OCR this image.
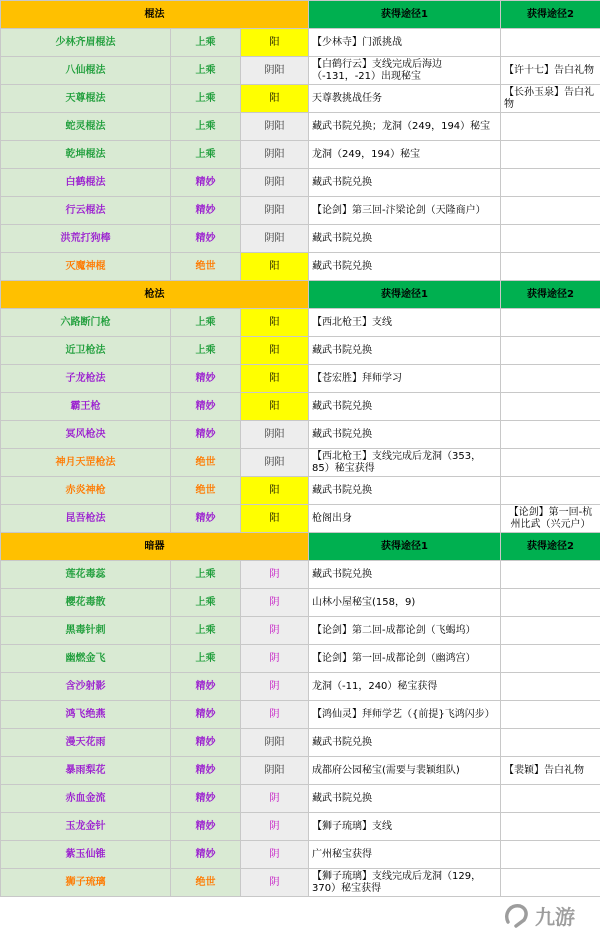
棍法			获得途径1	获得途径2
少林齐眉棍法	上乘	阳	【少林寺】门派挑战	
八仙棍法	上乘	阴阳	【白鹤行云】支线完成后海边（-131，-21）出现秘宝	【许十七】告白礼物
天尊棍法	上乘	阳	天尊教挑战任务	【长孙玉泉】告白礼物
蛇灵棍法	上乘	阴阳	藏武书院兑换；龙洞（249，194）秘宝	
乾坤棍法	上乘	阴阳	龙洞（249，194）秘宝	
白鹤棍法	精妙	阴阳	藏武书院兑换	
行云棍法	精妙	阴阳	【论剑】第三回-汴梁论剑（天隆商户）	
洪荒打狗棒	精妙	阴阳	藏武书院兑换	
灭魔神棍	绝世	阳	藏武书院兑换	
枪法			获得途径1	获得途径2
六路断门枪	上乘	阳	【西北枪王】支线	
近卫枪法	上乘	阳	藏武书院兑换	
子龙枪法	精妙	阳	【苍宏胜】拜师学习	
霸王枪	精妙	阳	藏武书院兑换	
冥风枪决	精妙	阴阳	藏武书院兑换	
神月天罡枪法	绝世	阴阳	【西北枪王】支线完成后龙洞（353，85）秘宝获得	
赤炎神枪	绝世	阳	藏武书院兑换	
昆吾枪法	精妙	阳	枪阁出身	【论剑】第一回-杭州比武（兴元户）
暗器			获得途径1	获得途径2
莲花毒蕊	上乘	阴	藏武书院兑换	
樱花毒散	上乘	阴	山林小屋秘宝(158，9)	
黑毒针刺	上乘	阴	【论剑】第二回-成都论剑（飞蝎坞）	
幽燃金飞	上乘	阴	【论剑】第一回-成都论剑（幽鸿宫）	
含沙射影	精妙	阴	龙洞（-11，240）秘宝获得	
鸿飞绝燕	精妙	阴	【鸿仙灵】拜师学艺（{前提}飞鸿闪步）	
漫天花雨	精妙	阴阳	藏武书院兑换	
暴雨梨花	精妙	阴阳	成都府公园秘宝(需要与裴颖组队)	【裴颖】告白礼物
赤血金流	精妙	阴	藏武书院兑换	
玉龙金针	精妙	阴	【狮子琉璃】支线	
紫玉仙锥	精妙	阴	广州秘宝获得	
狮子琉璃	绝世	阴	【狮子琉璃】支线完成后龙洞（129，370）秘宝获得	
九游
